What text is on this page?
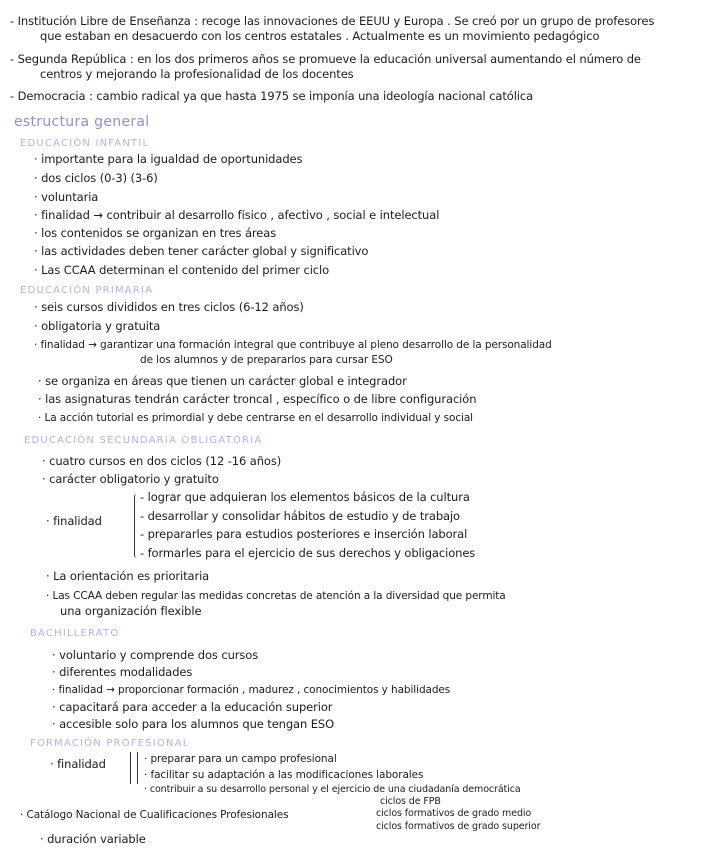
- Institución Libre de Enseñanza : recoge las innovaciones de EEUU y Europa . Se creó por un grupo de profesores
que estaban en desacuerdo con los centros estatales . Actualmente es un movimiento pedagógico
- Segunda República : en los dos primeros años se promueve la educación universal aumentando el número de
centros y mejorando la profesionalidad de los docentes
- Democracia : cambio radical ya que hasta 1975 se imponía una ideología nacional católica
estructura general
EDUCACIÓN INFANTIL
· importante para la igualdad de oportunidades
· dos ciclos (0-3) (3-6)
· voluntaria
· finalidad → contribuir al desarrollo físico , afectivo , social e intelectual
· los contenidos se organizan en tres áreas
· las actividades deben tener carácter global y significativo
· Las CCAA determinan el contenido del primer ciclo
EDUCACIÓN PRIMARIA
· seis cursos divididos en tres ciclos (6-12 años)
· obligatoria y gratuita
· finalidad → garantizar una formación integral que contribuye al pleno desarrollo de la personalidad
de los alumnos y de prepararlos para cursar ESO
· se organiza en áreas que tienen un carácter global e integrador
· las asignaturas tendrán carácter troncal , específico o de libre configuración
· La acción tutorial es primordial y debe centrarse en el desarrollo individual y social
EDUCACIÓN SECUNDARIA OBLIGATORIA
· cuatro cursos en dos ciclos (12 -16 años)
· carácter obligatorio y gratuito
· finalidad
- lograr que adquieran los elementos básicos de la cultura
- desarrollar y consolidar hábitos de estudio y de trabajo
- prepararles para estudios posteriores e inserción laboral
- formarles para el ejercicio de sus derechos y obligaciones
· La orientación es prioritaria
· Las CCAA deben regular las medidas concretas de atención a la diversidad que permita
una organización flexible
BACHILLERATO
· voluntario y comprende dos cursos
· diferentes modalidades
· finalidad → proporcionar formación , madurez , conocimientos y habilidades
· capacitará para acceder a la educación superior
· accesible solo para los alumnos que tengan ESO
FORMACIÓN PROFESIONAL
· finalidad	· preparar para un campo profesional
· facilitar su adaptación a las modificaciones laborales
· contribuir a su desarrollo personal y el ejercicio de una ciudadanía democrática
· Catálogo Nacional de Cualificaciones Profesionales
ciclos de FPB
ciclos formativos de grado medio
ciclos formativos de grado superior
· duración variable
